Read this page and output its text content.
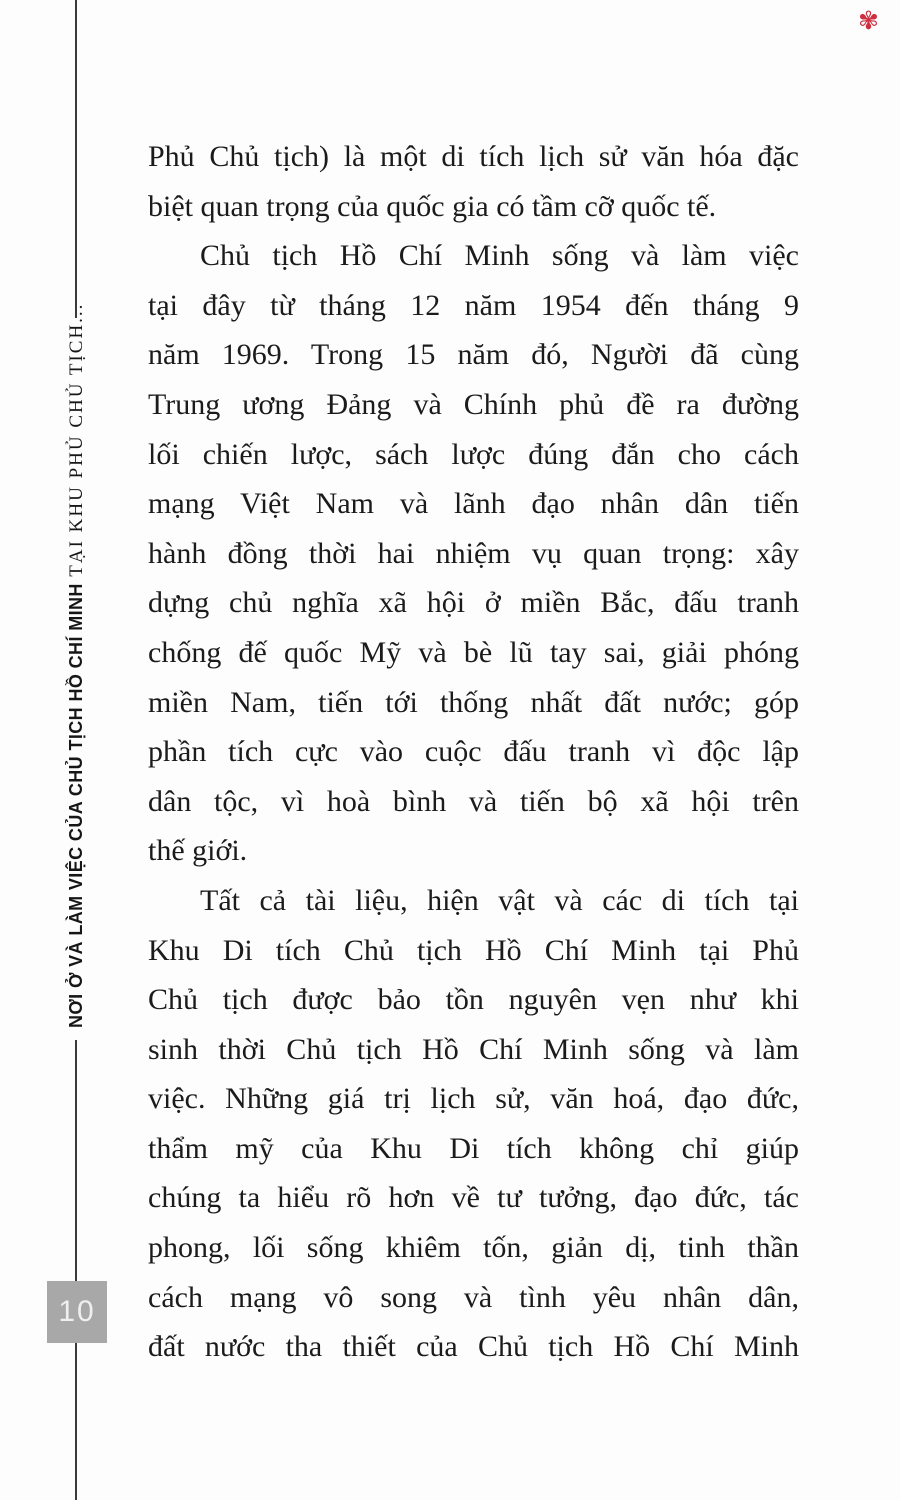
NƠI Ở VÀ LÀM VIỆC CỦA CHỦ TỊCH HỒ CHÍ MINH TẠI KHU PHỦ CHỦ TỊCH...
10
✾
Phủ Chủ tịch) là một di tích lịch sử văn hóa đặc
biệt quan trọng của quốc gia có tầm cỡ quốc tế.
Chủ tịch Hồ Chí Minh sống và làm việc
tại đây từ tháng 12 năm 1954 đến tháng 9
năm 1969. Trong 15 năm đó, Người đã cùng
Trung ương Đảng và Chính phủ đề ra đường
lối chiến lược, sách lược đúng đắn cho cách
mạng Việt Nam và lãnh đạo nhân dân tiến
hành đồng thời hai nhiệm vụ quan trọng: xây
dựng chủ nghĩa xã hội ở miền Bắc, đấu tranh
chống đế quốc Mỹ và bè lũ tay sai, giải phóng
miền Nam, tiến tới thống nhất đất nước; góp
phần tích cực vào cuộc đấu tranh vì độc lập
dân tộc, vì hoà bình và tiến bộ xã hội trên
thế giới.
Tất cả tài liệu, hiện vật và các di tích tại
Khu Di tích Chủ tịch Hồ Chí Minh tại Phủ
Chủ tịch được bảo tồn nguyên vẹn như khi
sinh thời Chủ tịch Hồ Chí Minh sống và làm
việc. Những giá trị lịch sử, văn hoá, đạo đức,
thẩm mỹ của Khu Di tích không chỉ giúp
chúng ta hiểu rõ hơn về tư tưởng, đạo đức, tác
phong, lối sống khiêm tốn, giản dị, tinh thần
cách mạng vô song và tình yêu nhân dân,
đất nước tha thiết của Chủ tịch Hồ Chí Minh
